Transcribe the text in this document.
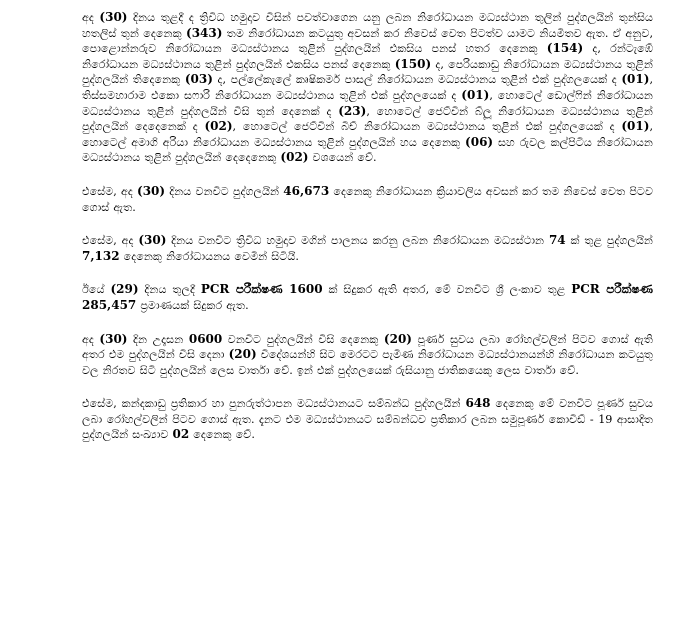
අද (30) දිනය තුළදී ද ත්‍රිවිධ හමුදාව විසින් පවත්වාගෙන යනු ලබන නිරෝධායන මධ්‍යස්ථාන තුලින් පුද්ගලයින් තුන්සිය හතලිස් තුන් දෙනෙකු (343) තම නිරෝධායන කටයුතු අවසන් කර නිවෙස් වෙත පිටත්ව යාමට නියමිතව ඇත. ඒ අනුව, පොළොන්නරුව නිරෝධායන මධ්‍යස්ථානය තුළින් පුද්ගලයින් එකසිය පනස් හතර දෙනෙකු (154) ද, රන්ටැඹේ නිරෝධායන මධ්‍යස්ථානය තුළින් පුද්ගලයින් එකසිය පනස් දෙනෙකු (150) ද, පෙරියකාඩු නිරෝධායන මධ්‍යස්ථානය තුළින් පුද්ගලයින් තිදෙනෙකු (03) ද, පල්ලේකැලේ කෘෂිකර්ම පාසල් නිරෝධායන මධ්‍යස්ථානය තුළින් එක් පුද්ගලයෙක් ද (01), තිස්සමහාරාම එකො සෆාරි නිරෝධායන මධ්‍යස්ථානය තුළින් එක් පුද්ගලයෙක් ද (01), හොටෙල් ඩොල්ෆින් නිරෝධායන මධ්‍යස්ථානය තුළින් පුද්ගලයින් විසි තුන් දෙනෙක් ද (23), හොටෙල් ජෙට්වින් බ්ලූ නිරෝධායන මධ්‍යස්ථානය තුළින් පුද්ගලයින් දෙදෙනෙක් ද (02), හොටෙල් ජෙට්වින් බීච් නිරෝධායන මධ්‍යස්ථානය තුළින් එක් පුද්ගලයෙක් ද (01), හොටෙල් අමාගි අරියා නිරෝධායන මධ්‍යස්ථානය තුළින් පුද්ගලයින් හය දෙනෙකු (06) සහ රුවල කල්පිටිය නිරෝධායන මධ්‍යස්ථානය තුළින් පුද්ගලයින් දෙදෙනෙකු (02) වශයෙන් වේ.

එසේම, අද (30) දිනය වනවිට පුද්ගලයින් 46,673 දෙනෙකු නිරෝධායන ක්‍රියාවලිය අවසන් කර තම නිවෙස් වෙත පිටව ගොස් ඇත.

එසේම, අද (30) දිනය වනවිට ත්‍රිවිධ හමුදාව මගින් පාලනය කරනු ලබන නිරෝධායන මධ්‍යස්ථාන 74 ක් තුළ පුද්ගලයින් 7,132 දෙනෙකු නිරෝධායනය වෙමින් සිටියි.

ඊයේ (29) දිනය තුලදී PCR පරීක්ෂණ 1600 ක් සිදුකර ඇති අතර, මේ වනවිට ශ්‍රී ලංකාව තුළ PCR පරීක්ෂණ 285,457 ප්‍රමාණයක් සිදුකර ඇත.

අද (30) දින උදෑසන 0600 වනවිට පුද්ගලයින් විසි දෙනෙකු (20) පූර්ණ සුවය ලබා රෝහල්වලින් පිටව ගොස් ඇති අතර එම පුද්ගලයින් විසි දෙනා (20) විදේශයන්හි සිට මෙරටට පැමිණ නිරෝධායන මධ්‍යස්ථානයන්හි නිරෝධායන කටයුතු වල නිරතව සිටි පුද්ගලයින් ලෙස වාර්තා වේ. ඉන් එක් පුද්ගලයෙක් රුසියානු ජාතිකයෙකු ලෙස වාර්තා වේ.

එසේම, කන්දකාඩු ප්‍රතිකාර හා පුනරුත්ථාපන මධ්‍යස්ථානයට සම්බන්ධ පුද්ගලයින් 648 දෙනෙකු මේ වනවිට පූර්ණ සුවය ලබා රෝහල්වලින් පිටව ගොස් ඇත. දැනට එම මධ්‍යස්ථානයට සම්බන්ධව ප්‍රතිකාර ලබන සමුපූර්ණ කොවිඩ් - 19 ආසාදිත පුද්ගලයින් සංඛ්‍යාව 02 දෙනෙකු වේ.
